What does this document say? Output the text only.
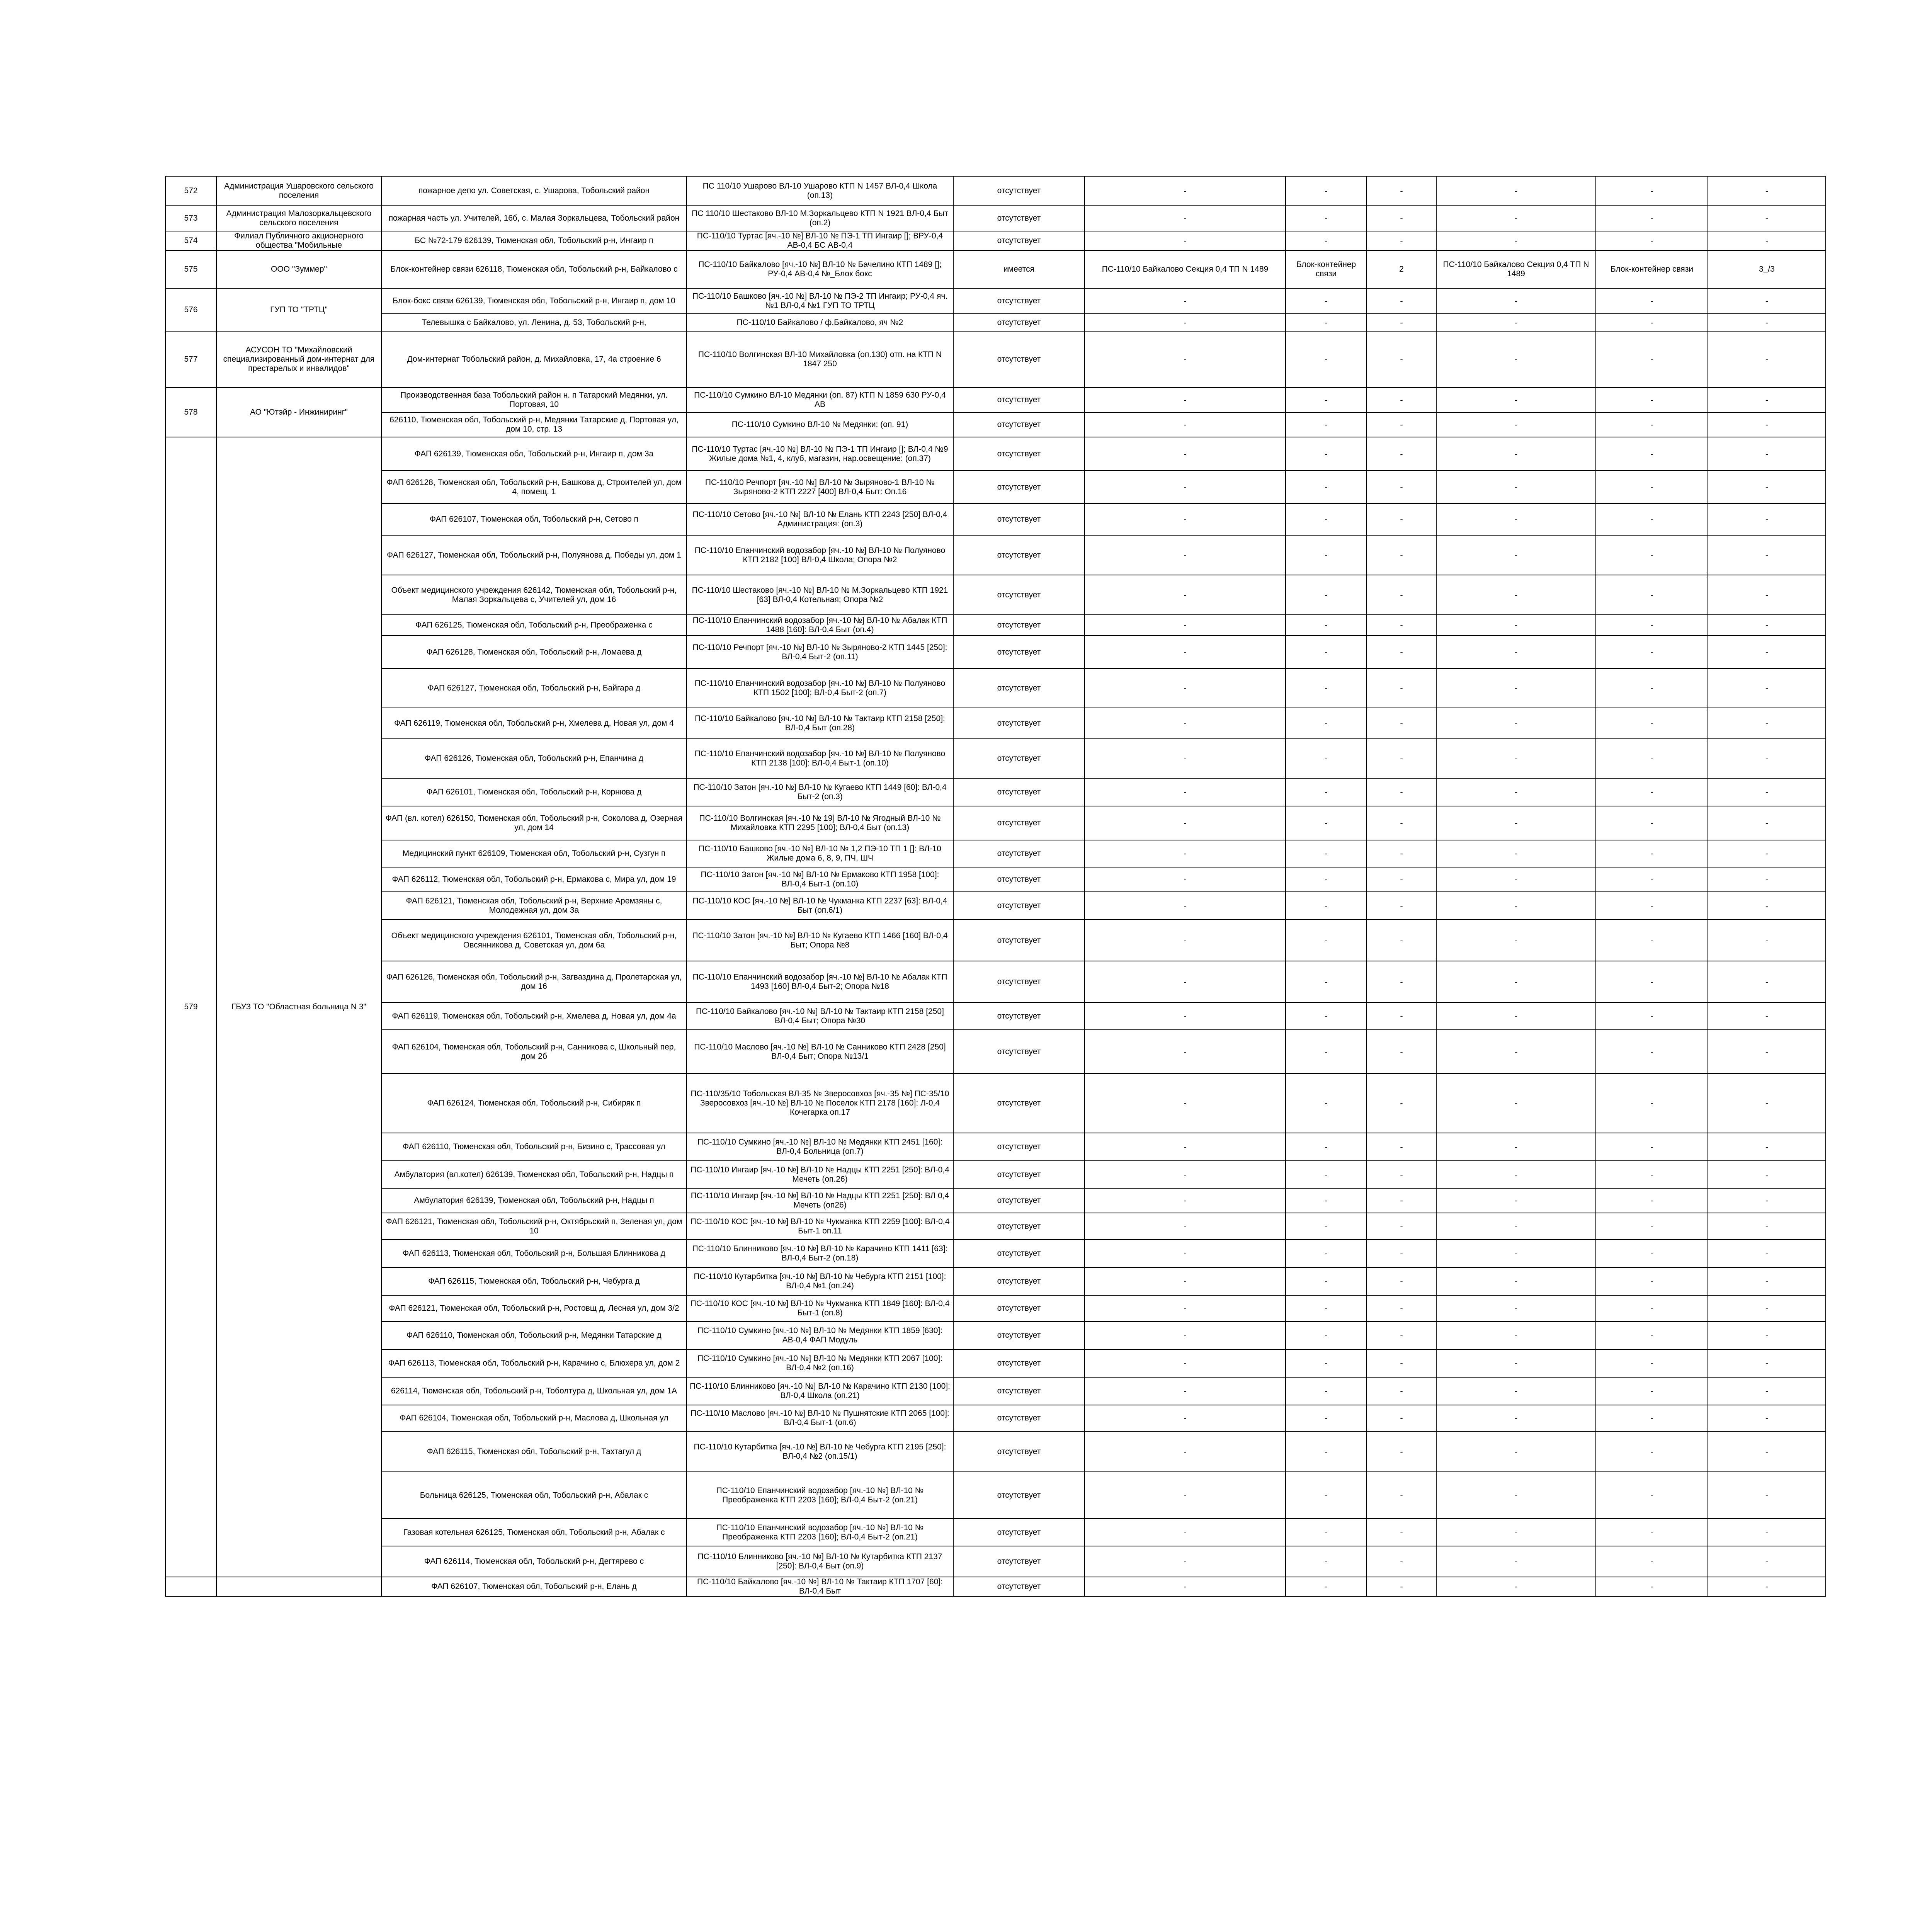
572	Администрация Ушаровского сельского поселения	пожарное депо ул. Советская, с. Ушарова, Тобольский район	ПС 110/10 Ушарово ВЛ-10 Ушарово КТП N 1457 ВЛ-0,4 Школа (оп.13)	отсутствует	-	-	-	-	-	-
573	Администрация Малозоркальцевского сельского поселения	пожарная часть ул. Учителей, 16б, с. Малая Зоркальцева, Тобольский район	ПС 110/10 Шестаково ВЛ-10 М.Зоркальцево КТП N 1921 ВЛ-0,4 Быт (оп.2)	отсутствует	-	-	-	-	-	-
574	Филиал Публичного акционерного общества "Мобильные	БС №72-179 626139, Тюменская обл, Тобольский р-н, Ингаир п	ПС-110/10 Туртас [яч.-10 №] ВЛ-10 № ПЭ-1 ТП Ингаир []; ВРУ-0,4 АВ-0,4 БС АВ-0,4	отсутствует	-	-	-	-	-	-
575	ООО "Зуммер"	Блок-контейнер связи 626118, Тюменская обл, Тобольский р-н, Байкалово с	ПС-110/10 Байкалово [яч.-10 №] ВЛ-10 № Бачелино КТП 1489 []; РУ-0,4 АВ-0,4 №_Блок бокс	имеется	ПС-110/10 Байкалово Секция 0,4 ТП N 1489	Блок-контейнер связи	2	ПС-110/10 Байкалово Секция 0,4 ТП N 1489	Блок-контейнер связи	3_/3
576	ГУП ТО "ТРТЦ"	Блок-бокс связи 626139, Тюменская обл, Тобольский р-н, Ингаир п, дом 10	ПС-110/10 Башково [яч.-10 №] ВЛ-10 № ПЭ-2 ТП Ингаир; РУ-0,4 яч.№1 ВЛ-0,4 №1 ГУП ТО ТРТЦ	отсутствует	-	-	-	-	-	-
		Телевышка с Байкалово, ул. Ленина, д. 53, Тобольский р-н,	ПС-110/10 Байкалово / ф.Байкалово, яч №2	отсутствует	-	-	-	-	-	-
577	АСУСОН ТО "Михайловский специализированный дом-интернат для престарелых и инвалидов"	Дом-интернат Тобольский район, д. Михайловка, 17, 4а строение 6	ПС-110/10 Волгинская ВЛ-10 Михайловка (оп.130) отп. на КТП N 1847 250	отсутствует	-	-	-	-	-	-
578	АО "Ютэйр - Инжиниринг"	Производственная база Тобольский район н. п Татарский Медянки, ул. Портовая, 10	ПС-110/10 Сумкино ВЛ-10 Медянки (оп. 87) КТП N 1859 630 РУ-0,4 АВ	отсутствует	-	-	-	-	-	-
		626110, Тюменская обл, Тобольский р-н, Медянки Татарские д, Портовая ул, дом 10, стр. 13	ПС-110/10 Сумкино ВЛ-10 № Медянки: (оп. 91)	отсутствует	-	-	-	-	-	-
579	ГБУЗ ТО "Областная больница N 3"	ФАП 626139, Тюменская обл, Тобольский р-н, Ингаир п, дом 3а	ПС-110/10 Туртас [яч.-10 №] ВЛ-10 № ПЭ-1 ТП Ингаир []; ВЛ-0,4 №9 Жилые дома №1, 4, клуб, магазин, нар.освещение: (оп.37)	отсутствует	-	-	-	-	-	-
		ФАП 626128, Тюменская обл, Тобольский р-н, Башкова д, Строителей ул, дом 4, помещ. 1	ПС-110/10 Речпорт [яч.-10 №] ВЛ-10 № Зыряново-1 ВЛ-10 № Зыряново-2 КТП 2227 [400] ВЛ-0,4 Быт: Оп.16	отсутствует	-	-	-	-	-	-
		ФАП 626107, Тюменская обл, Тобольский р-н, Сетово п	ПС-110/10 Сетово [яч.-10 №] ВЛ-10 № Елань КТП 2243 [250] ВЛ-0,4 Администрация: (оп.3)	отсутствует	-	-	-	-	-	-
		ФАП 626127, Тюменская обл, Тобольский р-н, Полуянова д, Победы ул, дом 1	ПС-110/10 Епанчинский водозабор [яч.-10 №] ВЛ-10 № Полуяново КТП 2182 [100] ВЛ-0,4 Школа; Опора №2	отсутствует	-	-	-	-	-	-
		Объект медицинского учреждения 626142, Тюменская обл, Тобольский р-н, Малая Зоркальцева с, Учителей ул, дом 16	ПС-110/10 Шестаково [яч.-10 №] ВЛ-10 № М.Зоркальцево КТП 1921 [63] ВЛ-0,4 Котельная; Опора №2	отсутствует	-	-	-	-	-	-
		ФАП 626125, Тюменская обл, Тобольский р-н, Преображенка с	ПС-110/10 Епанчинский водозабор [яч.-10 №] ВЛ-10 № Абалак КТП 1488 [160]: ВЛ-0,4 Быт (оп.4)	отсутствует	-	-	-	-	-	-
		ФАП 626128, Тюменская обл, Тобольский р-н, Ломаева д	ПС-110/10 Речпорт [яч.-10 №] ВЛ-10 № Зыряново-2 КТП 1445 [250]: ВЛ-0,4 Быт-2 (оп.11)	отсутствует	-	-	-	-	-	-
		ФАП 626127, Тюменская обл, Тобольский р-н, Байгара д	ПС-110/10 Епанчинский водозабор [яч.-10 №] ВЛ-10 № Полуяново КТП 1502 [100]; ВЛ-0,4 Быт-2 (оп.7)	отсутствует	-	-	-	-	-	-
		ФАП 626119, Тюменская обл, Тобольский р-н, Хмелева д, Новая ул, дом 4	ПС-110/10 Байкалово [яч.-10 №] ВЛ-10 № Тактаир КТП 2158 [250]: ВЛ-0,4 Быт (оп.28)	отсутствует	-	-	-	-	-	-
		ФАП 626126, Тюменская обл, Тобольский р-н, Епанчина д	ПС-110/10 Епанчинский водозабор [яч.-10 №] ВЛ-10 № Полуяново КТП 2138 [100]: ВЛ-0,4 Быт-1 (оп.10)	отсутствует	-	-	-	-	-	-
		ФАП 626101, Тюменская обл, Тобольский р-н, Корнюва д	ПС-110/10 Затон [яч.-10 №] ВЛ-10 № Кугаево КТП 1449 [60]: ВЛ-0,4 Быт-2 (оп.3)	отсутствует	-	-	-	-	-	-
		ФАП (вл. котел) 626150, Тюменская обл, Тобольский р-н, Соколова д, Озерная ул, дом 14	ПС-110/10 Волгинская [яч.-10 № 19] ВЛ-10 № Ягодный ВЛ-10 № Михайловка КТП 2295 [100]; ВЛ-0,4 Быт (оп.13)	отсутствует	-	-	-	-	-	-
		Медицинский пункт 626109, Тюменская обл, Тобольский р-н, Сузгун п	ПС-110/10 Башково [яч.-10 №] ВЛ-10 № 1,2 ПЭ-10 ТП 1 []: ВЛ-10 Жилые дома 6, 8, 9, ПЧ, ШЧ	отсутствует	-	-	-	-	-	-
		ФАП 626112, Тюменская обл, Тобольский р-н, Ермакова с, Мира ул, дом 19	ПС-110/10 Затон [яч.-10 №] ВЛ-10 № Ермаково КТП 1958 [100]: ВЛ-0,4 Быт-1 (оп.10)	отсутствует	-	-	-	-	-	-
		ФАП 626121, Тюменская обл, Тобольский р-н, Верхние Аремзяны с, Молодежная ул, дом 3а	ПС-110/10 КОС [яч.-10 №] ВЛ-10 № Чукманка КТП 2237 [63]: ВЛ-0,4 Быт (оп.6/1)	отсутствует	-	-	-	-	-	-
		Объект медицинского учреждения 626101, Тюменская обл, Тобольский р-н, Овсянникова д, Советская ул, дом 6а	ПС-110/10 Затон [яч.-10 №] ВЛ-10 № Кугаево КТП 1466 [160] ВЛ-0,4 Быт; Опора №8	отсутствует	-	-	-	-	-	-
		ФАП 626126, Тюменская обл, Тобольский р-н, Загваздина д, Пролетарская ул, дом 16	ПС-110/10 Епанчинский водозабор [яч.-10 №] ВЛ-10 № Абалак КТП 1493 [160] ВЛ-0,4 Быт-2; Опора №18	отсутствует	-	-	-	-	-	-
		ФАП 626119, Тюменская обл, Тобольский р-н, Хмелева д, Новая ул, дом 4а	ПС-110/10 Байкалово [яч.-10 №] ВЛ-10 № Тактаир КТП 2158 [250] ВЛ-0,4 Быт; Опора №30	отсутствует	-	-	-	-	-	-
		ФАП 626104, Тюменская обл, Тобольский р-н, Санникова с, Школьный пер, дом 2б	ПС-110/10 Маслово [яч.-10 №] ВЛ-10 № Санниково КТП 2428 [250] ВЛ-0,4 Быт; Опора №13/1	отсутствует	-	-	-	-	-	-
		ФАП 626124, Тюменская обл, Тобольский р-н, Сибиряк п	ПС-110/35/10 Тобольская ВЛ-35 № Зверосовхоз [яч.-35 №] ПС-35/10 Зверосовхоз [яч.-10 №] ВЛ-10 № Поселок КТП 2178 [160]: Л-0,4 Кочегарка оп.17	отсутствует	-	-	-	-	-	-
		ФАП 626110, Тюменская обл, Тобольский р-н, Бизино с, Трассовая ул	ПС-110/10 Сумкино [яч.-10 №] ВЛ-10 № Медянки КТП 2451 [160]: ВЛ-0,4 Больница (оп.7)	отсутствует	-	-	-	-	-	-
		Амбулатория (вл.котел) 626139, Тюменская обл, Тобольский р-н, Надцы п	ПС-110/10 Ингаир [яч.-10 №] ВЛ-10 № Надцы КТП 2251 [250]: ВЛ-0,4 Мечеть (оп.26)	отсутствует	-	-	-	-	-	-
		Амбулатория 626139, Тюменская обл, Тобольский р-н, Надцы п	ПС-110/10 Ингаир [яч.-10 №] ВЛ-10 № Надцы КТП 2251 [250]: ВЛ 0,4 Мечеть (оп26)	отсутствует	-	-	-	-	-	-
		ФАП 626121, Тюменская обл, Тобольский р-н, Октябрьский п, Зеленая ул, дом 10	ПС-110/10 КОС [яч.-10 №] ВЛ-10 № Чукманка КТП 2259 [100]: ВЛ-0,4 Быт-1 оп.11	отсутствует	-	-	-	-	-	-
		ФАП 626113, Тюменская обл, Тобольский р-н, Большая Блинникова д	ПС-110/10 Блинниково [яч.-10 №] ВЛ-10 № Карачино КТП 1411 [63]: ВЛ-0,4 Быт-2 (оп.18)	отсутствует	-	-	-	-	-	-
		ФАП 626115, Тюменская обл, Тобольский р-н, Чебурга д	ПС-110/10 Кутарбитка [яч.-10 №] ВЛ-10 № Чебурга КТП 2151 [100]: ВЛ-0,4 №1 (оп.24)	отсутствует	-	-	-	-	-	-
		ФАП 626121, Тюменская обл, Тобольский р-н, Ростовщ д, Лесная ул, дом 3/2	ПС-110/10 КОС [яч.-10 №] ВЛ-10 № Чукманка КТП 1849 [160]: ВЛ-0,4 Быт-1 (оп.8)	отсутствует	-	-	-	-	-	-
		ФАП 626110, Тюменская обл, Тобольский р-н, Медянки Татарские д	ПС-110/10 Сумкино [яч.-10 №] ВЛ-10 № Медянки КТП 1859 [630]: АВ-0,4 ФАП Модуль	отсутствует	-	-	-	-	-	-
		ФАП 626113, Тюменская обл, Тобольский р-н, Карачино с, Блюхера ул, дом 2	ПС-110/10 Сумкино [яч.-10 №] ВЛ-10 № Медянки КТП 2067 [100]: ВЛ-0,4 №2 (оп.16)	отсутствует	-	-	-	-	-	-
		626114, Тюменская обл, Тобольский р-н, Тоболтура д, Школьная ул, дом 1А	ПС-110/10 Блинниково [яч.-10 №] ВЛ-10 № Карачино КТП 2130 [100]: ВЛ-0,4 Школа (оп.21)	отсутствует	-	-	-	-	-	-
		ФАП 626104, Тюменская обл, Тобольский р-н, Маслова д, Школьная ул	ПС-110/10 Маслово [яч.-10 №] ВЛ-10 № Пушнятские КТП 2065 [100]: ВЛ-0,4 Быт-1 (оп.6)	отсутствует	-	-	-	-	-	-
		ФАП 626115, Тюменская обл, Тобольский р-н, Тахтагул д	ПС-110/10 Кутарбитка [яч.-10 №] ВЛ-10 № Чебурга КТП 2195 [250]: ВЛ-0,4 №2 (оп.15/1)	отсутствует	-	-	-	-	-	-
		Больница 626125, Тюменская обл, Тобольский р-н, Абалак с	ПС-110/10 Епанчинский водозабор [яч.-10 №] ВЛ-10 № Преображенка КТП 2203 [160]; ВЛ-0,4 Быт-2 (оп.21)	отсутствует	-	-	-	-	-	-
		Газовая котельная 626125, Тюменская обл, Тобольский р-н, Абалак с	ПС-110/10 Епанчинский водозабор [яч.-10 №] ВЛ-10 № Преображенка КТП 2203 [160]; ВЛ-0,4 Быт-2 (оп.21)	отсутствует	-	-	-	-	-	-
		ФАП 626114, Тюменская обл, Тобольский р-н, Дегтярево с	ПС-110/10 Блинниково [яч.-10 №] ВЛ-10 № Кутарбитка КТП 2137 [250]: ВЛ-0,4 Быт (оп.9)	отсутствует	-	-	-	-	-	-
		ФАП 626107, Тюменская обл, Тобольский р-н, Елань д	ПС-110/10 Байкалово [яч.-10 №] ВЛ-10 № Тактаир КТП 1707 [60]: ВЛ-0,4 Быт	отсутствует	-	-	-	-	-	-
